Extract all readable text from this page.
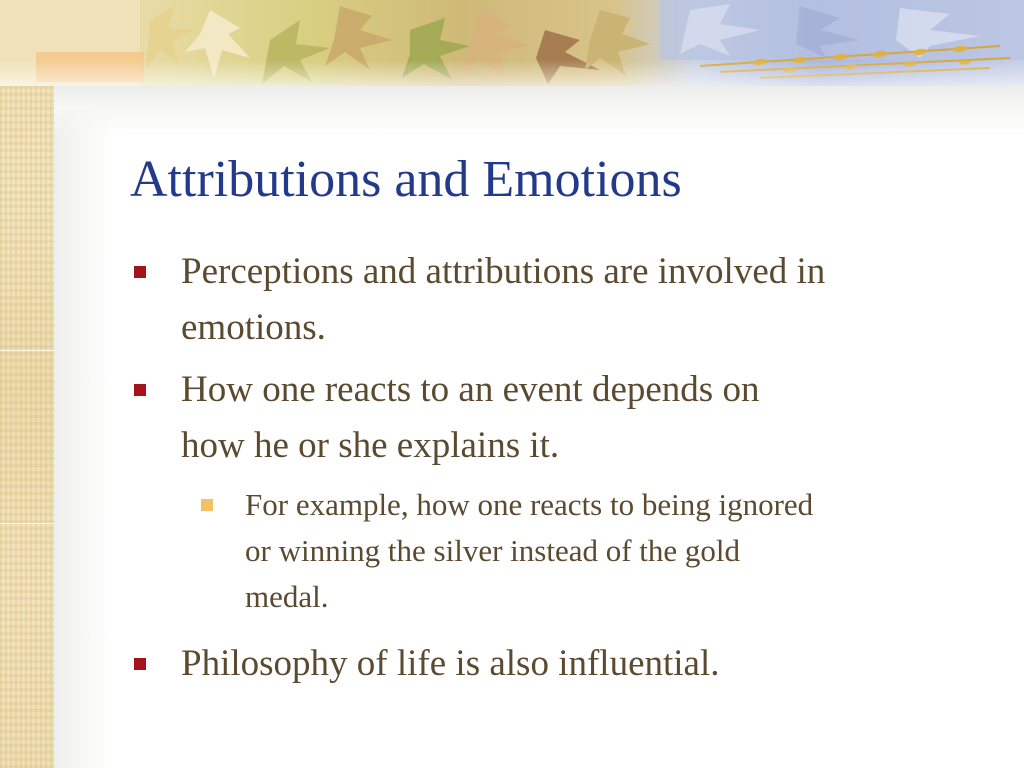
Attributions and Emotions
Perceptions and attributions are involved in
emotions.
How one reacts to an event depends on
how he or she explains it.
For example, how one reacts to being ignored
or winning the silver instead of the gold
medal.
Philosophy of life is also influential.
